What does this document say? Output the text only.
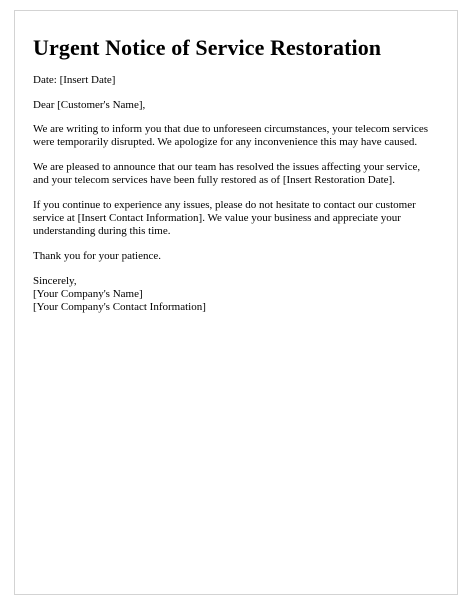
Urgent Notice of Service Restoration

Date: [Insert Date]

Dear [Customer's Name],

We are writing to inform you that due to unforeseen circumstances, your telecom services
were temporarily disrupted. We apologize for any inconvenience this may have caused.

We are pleased to announce that our team has resolved the issues affecting your service,
and your telecom services have been fully restored as of [Insert Restoration Date].

If you continue to experience any issues, please do not hesitate to contact our customer
service at [Insert Contact Information]. We value your business and appreciate your
understanding during this time.

Thank you for your patience.

Sincerely,
[Your Company's Name]
[Your Company's Contact Information]
